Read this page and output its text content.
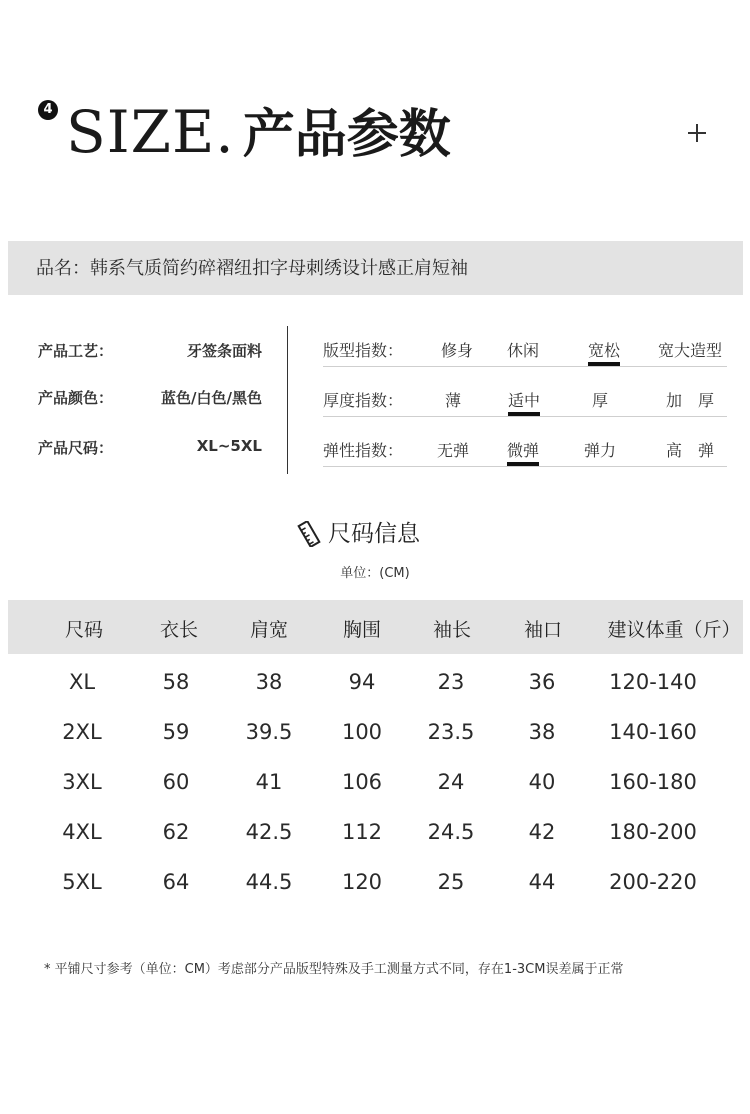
4 SIZE. 产品参数
品名：韩系气质简约碎褶纽扣字母刺绣设计感正肩短袖
产品工艺：	牙签条面料
产品颜色：	蓝色/白色/黑色
产品尺码：	XL~5XL
版型指数： 修身 休闲	宽松 宽大造型
厚度指数：	薄	适中	厚	加　厚
弹性指数： 无弹 微弹	弹力	高　弹
尺码信息
单位：(CM)
尺码	衣长	肩宽	胸围	袖长	袖口 建议体重（斤）
XL	58	38	94	23	36	120-140
2XL	59	39.5 100 23.5	38	140-160
3XL	60	41	106	24	40	160-180
4XL	62	42.5 112 24.5	42	180-200
5XL	64	44.5 120	25	44	200-220
* 平铺尺寸参考（单位：CM）考虑部分产品版型特殊及手工测量方式不同，存在1-3CM误差属于正常
